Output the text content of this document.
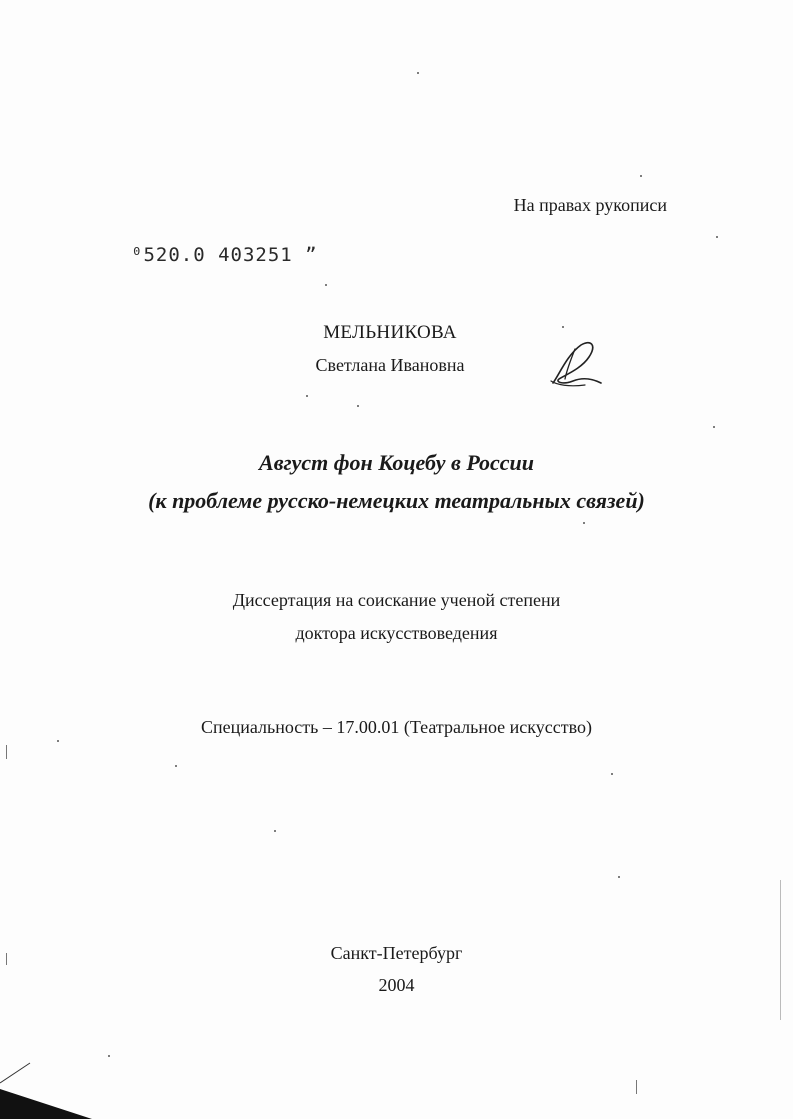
На правах рукописи
⁰520.0 403251 ˮ
МЕЛЬНИКОВА
Светлана Ивановна
Август фон Коцебу в России
(к проблеме русско-немецких театральных связей)
Диссертация на соискание ученой степени
доктора искусствоведения
Специальность – 17.00.01 (Театральное искусство)
Санкт-Петербург
2004
